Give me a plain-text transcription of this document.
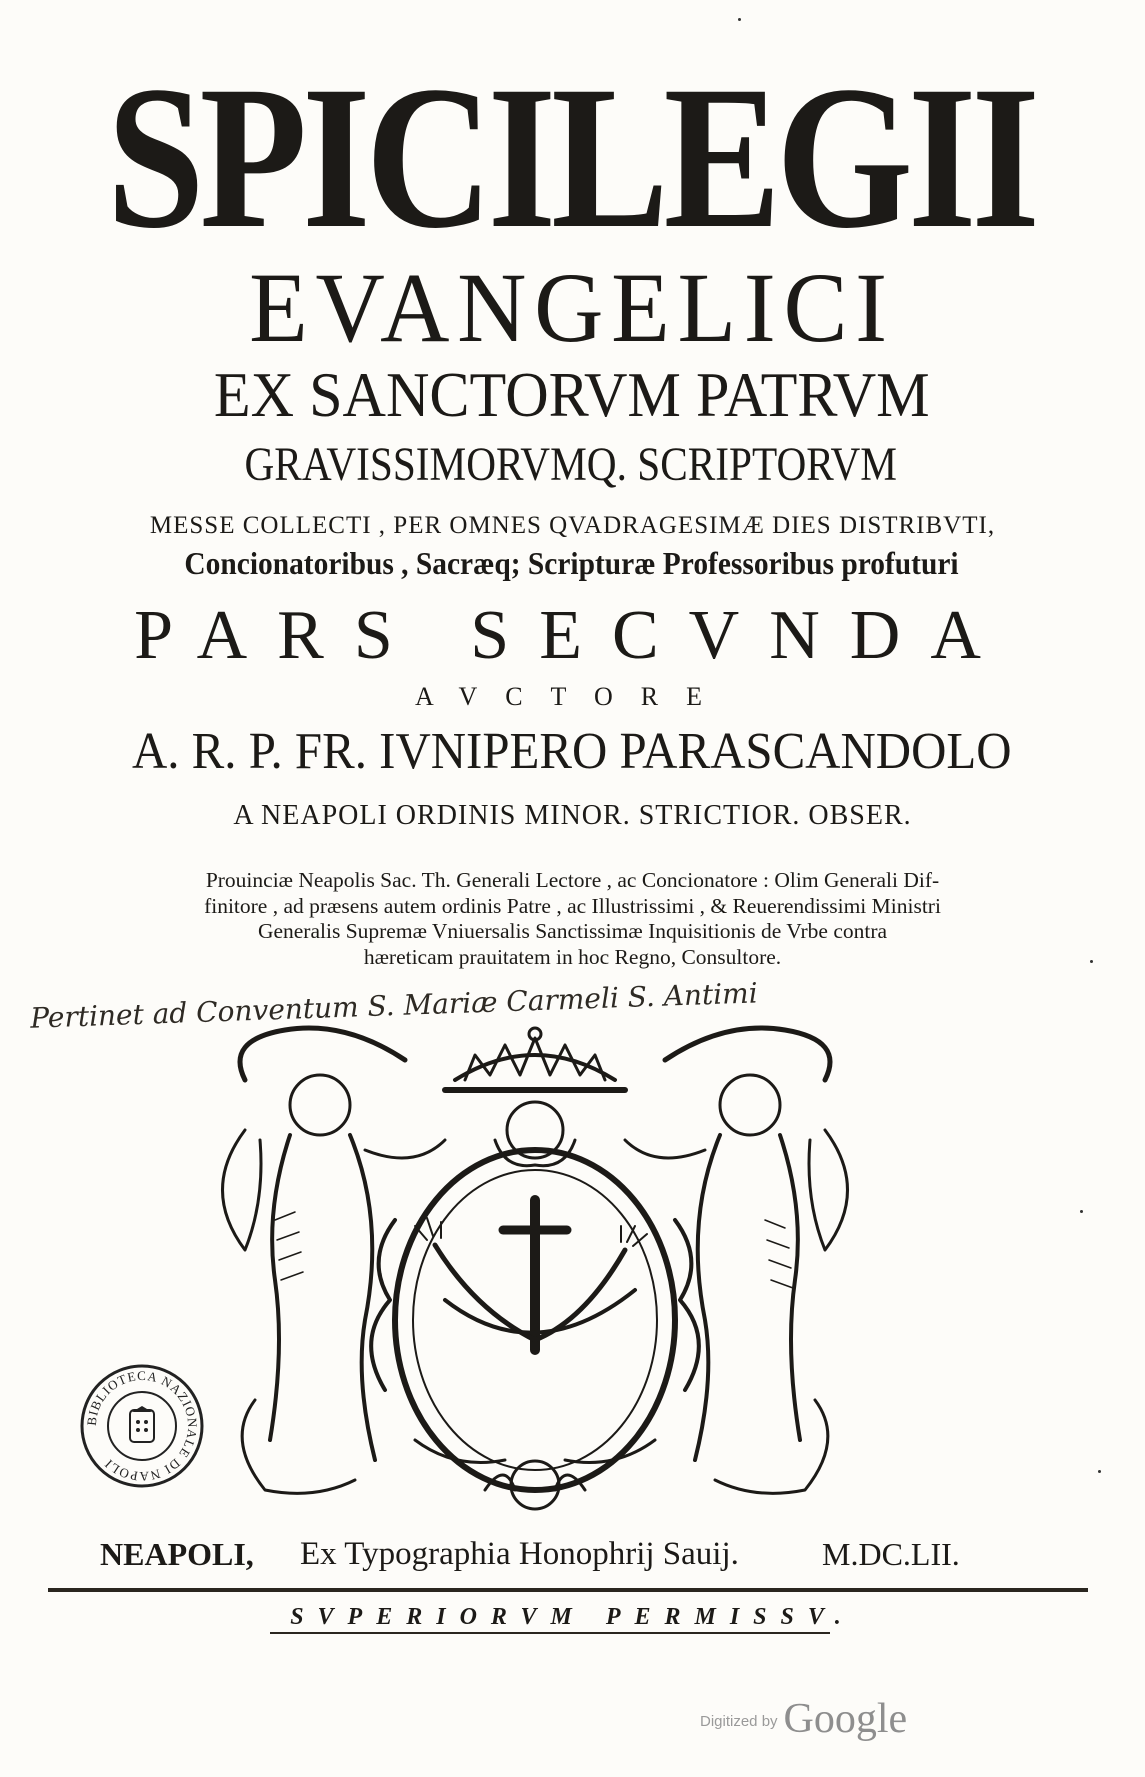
SPICILEGII
EVANGELICI
EX SANCTORVM PATRVM
GRAVISSIMORVMQ. SCRIPTORVM
MESSE COLLECTI , PER OMNES QVADRAGESIMÆ DIES DISTRIBVTI,
Concionatoribus , Sacræq; Scripturæ Professoribus profuturi
PARS SECVNDA
AVCTORE
A. R. P. FR. IVNIPERO PARASCANDOLO
A NEAPOLI ORDINIS MINOR. STRICTIOR. OBSER.
Prouinciæ Neapolis Sac. Th. Generali Lectore , ac Concionatore : Olim Generali Dif-
finitore , ad præsens autem ordinis Patre , ac Illustrissimi , & Reuerendissimi Ministri
Generalis Supremæ Vniuersalis Sanctissimæ Inquisitionis de Vrbe contra
hæreticam prauitatem in hoc Regno, Consultore.
Pertinet ad Conventum S. Mariæ Carmeli S. Antimi
BIBLIOTECA NAZIONALE DI NAPOLI
NEAPOLI, Ex Typographia Honophrij Sauij.	M.DC.LII.
SVPERIORVM PERMISSV.
Digitized by Google
